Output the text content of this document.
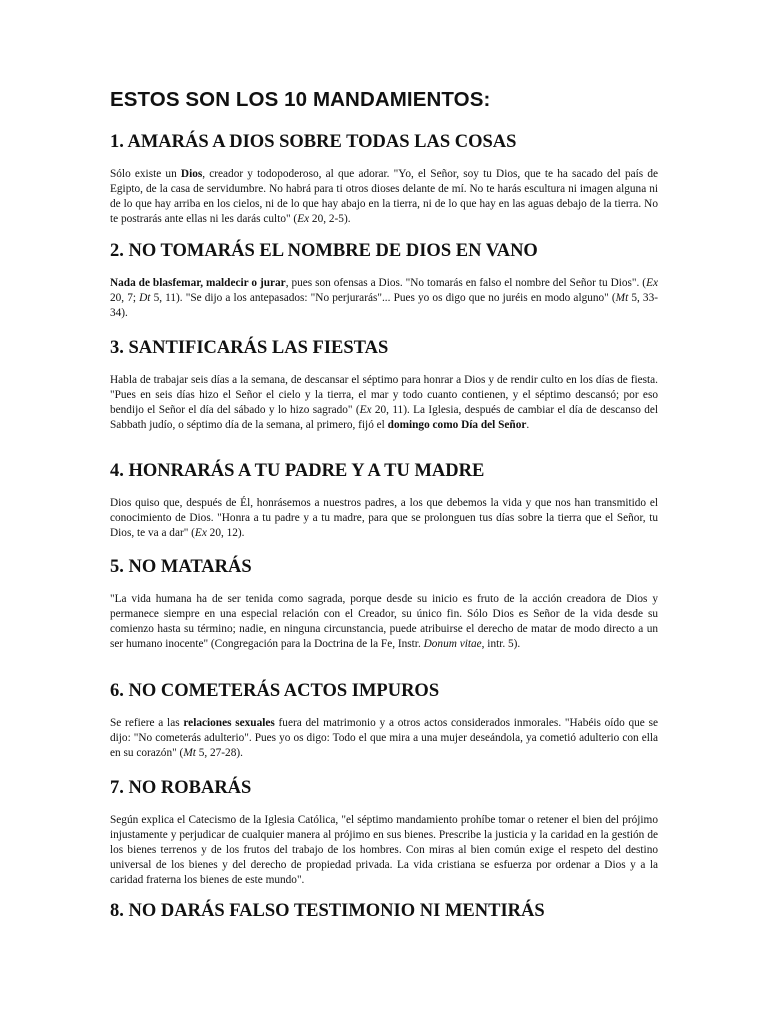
ESTOS SON LOS 10 MANDAMIENTOS:
1. AMARÁS A DIOS SOBRE TODAS LAS COSAS

Sólo existe un Dios, creador y todopoderoso, al que adorar. "Yo, el Señor, soy tu Dios, que te ha sacado del país de Egipto, de la casa de servidumbre. No habrá para ti otros dioses delante de mí. No te harás escultura ni imagen alguna ni de lo que hay arriba en los cielos, ni de lo que hay abajo en la tierra, ni de lo que hay en las aguas debajo de la tierra. No te postrarás ante ellas ni les darás culto" (Ex 20, 2-5).

2. NO TOMARÁS EL NOMBRE DE DIOS EN VANO

Nada de blasfemar, maldecir o jurar, pues son ofensas a Dios. "No tomarás en falso el nombre del Señor tu Dios". (Ex 20, 7; Dt 5, 11). "Se dijo a los antepasados: "No perjurarás"... Pues yo os digo que no juréis en modo alguno" (Mt 5, 33-34).

3. SANTIFICARÁS LAS FIESTAS

Habla de trabajar seis días a la semana, de descansar el séptimo para honrar a Dios y de rendir culto en los días de fiesta. "Pues en seis días hizo el Señor el cielo y la tierra, el mar y todo cuanto contienen, y el séptimo descansó; por eso bendijo el Señor el día del sábado y lo hizo sagrado" (Ex 20, 11). La Iglesia, después de cambiar el día de descanso del Sabbath judío, o séptimo día de la semana, al primero, fijó el domingo como Día del Señor.

4. HONRARÁS A TU PADRE Y A TU MADRE

Dios quiso que, después de Él, honrásemos a nuestros padres, a los que debemos la vida y que nos han transmitido el conocimiento de Dios. "Honra a tu padre y a tu madre, para que se prolonguen tus días sobre la tierra que el Señor, tu Dios, te va a dar" (Ex 20, 12).

5. NO MATARÁS

"La vida humana ha de ser tenida como sagrada, porque desde su inicio es fruto de la acción creadora de Dios y permanece siempre en una especial relación con el Creador, su único fin. Sólo Dios es Señor de la vida desde su comienzo hasta su término; nadie, en ninguna circunstancia, puede atribuirse el derecho de matar de modo directo a un ser humano inocente" (Congregación para la Doctrina de la Fe, Instr. Donum vitae, intr. 5).

6. NO COMETERÁS ACTOS IMPUROS

Se refiere a las relaciones sexuales fuera del matrimonio y a otros actos considerados inmorales. "Habéis oído que se dijo: "No cometerás adulterio". Pues yo os digo: Todo el que mira a una mujer deseándola, ya cometió adulterio con ella en su corazón" (Mt 5, 27-28).

7. NO ROBARÁS

Según explica el Catecismo de la Iglesia Católica, "el séptimo mandamiento prohíbe tomar o retener el bien del prójimo injustamente y perjudicar de cualquier manera al prójimo en sus bienes. Prescribe la justicia y la caridad en la gestión de los bienes terrenos y de los frutos del trabajo de los hombres. Con miras al bien común exige el respeto del destino universal de los bienes y del derecho de propiedad privada. La vida cristiana se esfuerza por ordenar a Dios y a la caridad fraterna los bienes de este mundo".

8. NO DARÁS FALSO TESTIMONIO NI MENTIRÁS
